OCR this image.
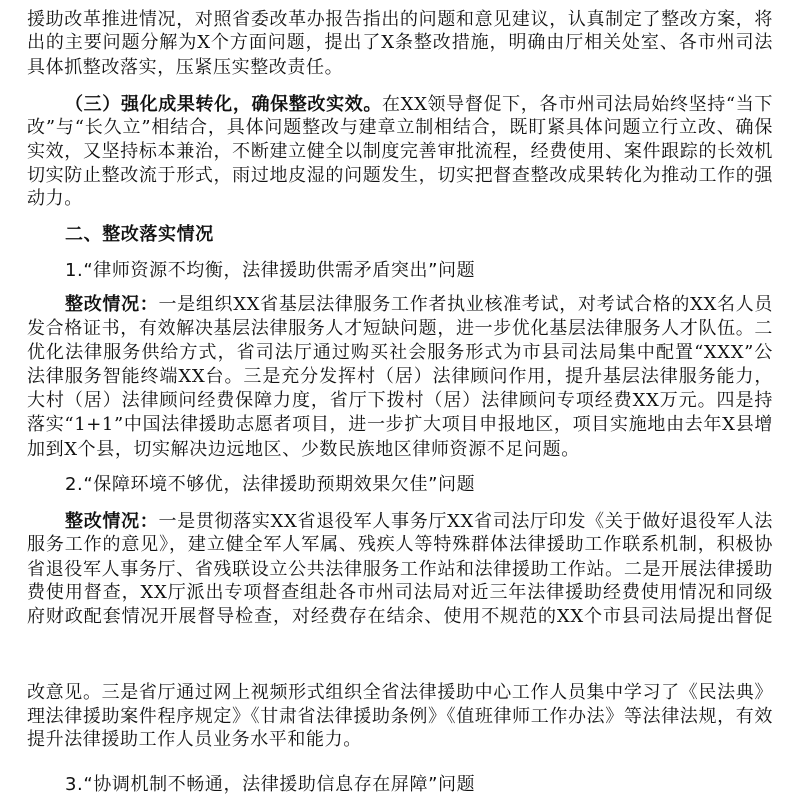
援助改革推进情况，对照省委改革办报告指出的问题和意见建议，认真制定了整改方案，将
出的主要问题分解为X个方面问题，提出了X条整改措施，明确由厅相关处室、各市州司法
具体抓整改落实，压紧压实整改责任。
（三）强化成果转化，确保整改实效。在XX领导督促下，各市州司法局始终坚持“当下
改”与“长久立”相结合，具体问题整改与建章立制相结合，既盯紧具体问题立行立改、确保
实效，又坚持标本兼治，不断建立健全以制度完善审批流程，经费使用、案件跟踪的长效机
切实防止整改流于形式，雨过地皮湿的问题发生，切实把督查整改成果转化为推动工作的强
动力。
二、整改落实情况
1.“律师资源不均衡，法律援助供需矛盾突出”问题
整改情况：一是组织XX省基层法律服务工作者执业核准考试，对考试合格的XX名人员
发合格证书，有效解决基层法律服务人才短缺问题，进一步优化基层法律服务人才队伍。二
优化法律服务供给方式，省司法厅通过购买社会服务形式为市县司法局集中配置“XXX”公
法律服务智能终端XX台。三是充分发挥村（居）法律顾问作用，提升基层法律服务能力，
大村（居）法律顾问经费保障力度，省厅下拨村（居）法律顾问专项经费XX万元。四是持
落实“1+1”中国法律援助志愿者项目，进一步扩大项目申报地区，项目实施地由去年X县增
加到X个县，切实解决边远地区、少数民族地区律师资源不足问题。
2.“保障环境不够优，法律援助预期效果欠佳”问题
整改情况：一是贯彻落实XX省退役军人事务厅XX省司法厅印发《关于做好退役军人法
服务工作的意见》，建立健全军人军属、残疾人等特殊群体法律援助工作联系机制，积极协
省退役军人事务厅、省残联设立公共法律服务工作站和法律援助工作站。二是开展法律援助
费使用督查，XX厅派出专项督查组赴各市州司法局对近三年法律援助经费使用情况和同级
府财政配套情况开展督导检查，对经费存在结余、使用不规范的XX个市县司法局提出督促
改意见。三是省厅通过网上视频形式组织全省法律援助中心工作人员集中学习了《民法典》
理法律援助案件程序规定》《甘肃省法律援助条例》《值班律师工作办法》等法律法规，有效
提升法律援助工作人员业务水平和能力。
3.“协调机制不畅通，法律援助信息存在屏障”问题
